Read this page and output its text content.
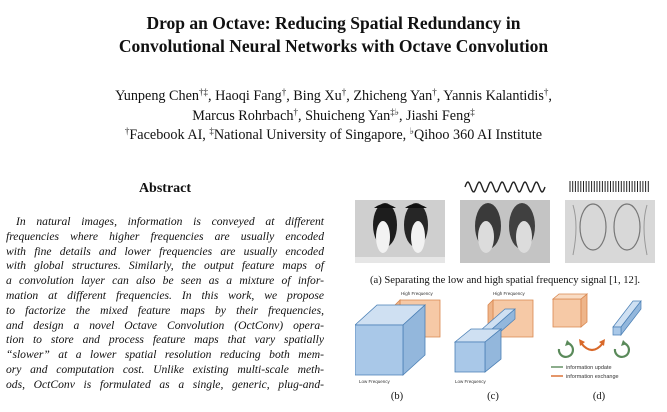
Drop an Octave: Reducing Spatial Redundancy in
Convolutional Neural Networks with Octave Convolution
Yunpeng Chen†‡, Haoqi Fang†, Bing Xu†, Zhicheng Yan†, Yannis Kalantidis†,
Marcus Rohrbach†, Shuicheng Yan‡♭, Jiashi Feng‡
†Facebook AI, ‡National University of Singapore, ♭Qihoo 360 AI Institute
Abstract
In natural images, information is conveyed at different
frequencies where higher frequencies are usually encoded
with fine details and lower frequencies are usually encoded
with global structures. Similarly, the output feature maps of
a convolution layer can also be seen as a mixture of infor-
mation at different frequencies. In this work, we propose
to factorize the mixed feature maps by their frequencies,
and design a novel Octave Convolution (OctConv) opera-
tion to store and process feature maps that vary spatially
“slower” at a lower spatial resolution reducing both mem-
ory and computation cost. Unlike existing multi-scale meth-
ods, OctConv is formulated as a single, generic, plug-and-
(a) Separating the low and high spatial frequency signal [1, 12].
High Frequency
Low Frequency
High Frequency
Low Frequency
information update
information exchange
(b)	(c)	(d)
